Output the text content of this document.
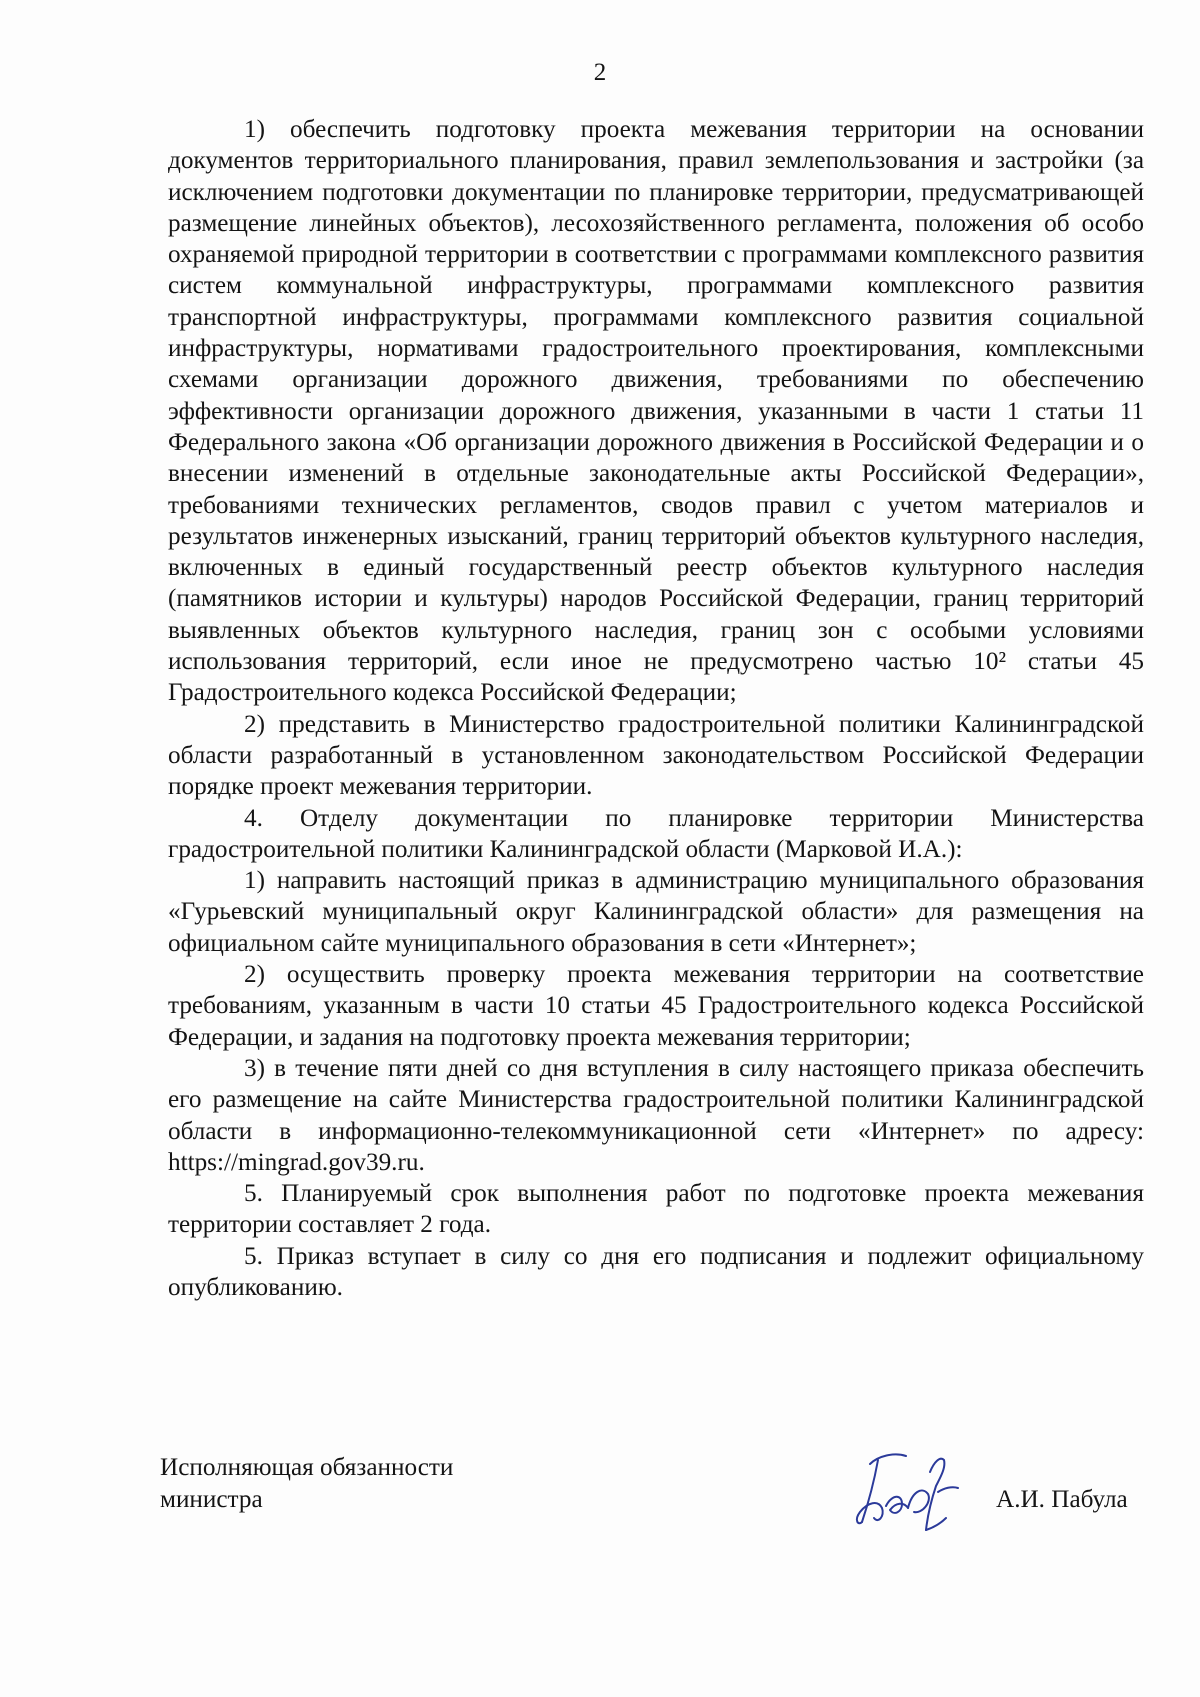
2

1) обеспечить подготовку проекта межевания территории на основании документов территориального планирования, правил землепользования и застройки (за исключением подготовки документации по планировке территории, предусматривающей размещение линейных объектов), лесохозяйственного регламента, положения об особо охраняемой природной территории в соответствии с программами комплексного развития систем коммунальной инфраструктуры, программами комплексного развития транспортной инфраструктуры, программами комплексного развития социальной инфраструктуры, нормативами градостроительного проектирования, комплексными схемами организации дорожного движения, требованиями по обеспечению эффективности организации дорожного движения, указанными в части 1 статьи 11 Федерального закона «Об организации дорожного движения в Российской Федерации и о внесении изменений в отдельные законодательные акты Российской Федерации», требованиями технических регламентов, сводов правил с учетом материалов и результатов инженерных изысканий, границ территорий объектов культурного наследия, включенных в единый государственный реестр объектов культурного наследия (памятников истории и культуры) народов Российской Федерации, границ территорий выявленных объектов культурного наследия, границ зон с особыми условиями использования территорий, если иное не предусмотрено частью 10² статьи 45 Градостроительного кодекса Российской Федерации;

2) представить в Министерство градостроительной политики Калининградской области разработанный в установленном законодательством Российской Федерации порядке проект межевания территории.

4. Отделу документации по планировке территории Министерства градостроительной политики Калининградской области (Марковой И.А.):

1) направить настоящий приказ в администрацию муниципального образования «Гурьевский муниципальный округ Калининградской области» для размещения на официальном сайте муниципального образования в сети «Интернет»;

2) осуществить проверку проекта межевания территории на соответствие требованиям, указанным в части 10 статьи 45 Градостроительного кодекса Российской Федерации, и задания на подготовку проекта межевания территории;

3) в течение пяти дней со дня вступления в силу настоящего приказа обеспечить его размещение на сайте Министерства градостроительной политики Калининградской области в информационно-телекоммуникационной сети «Интернет» по адресу: https://mingrad.gov39.ru.

5. Планируемый срок выполнения работ по подготовке проекта межевания территории составляет 2 года.

5. Приказ вступает в силу со дня его подписания и подлежит официальному опубликованию.

Исполняющая обязанности
министра	А.И. Пабула
